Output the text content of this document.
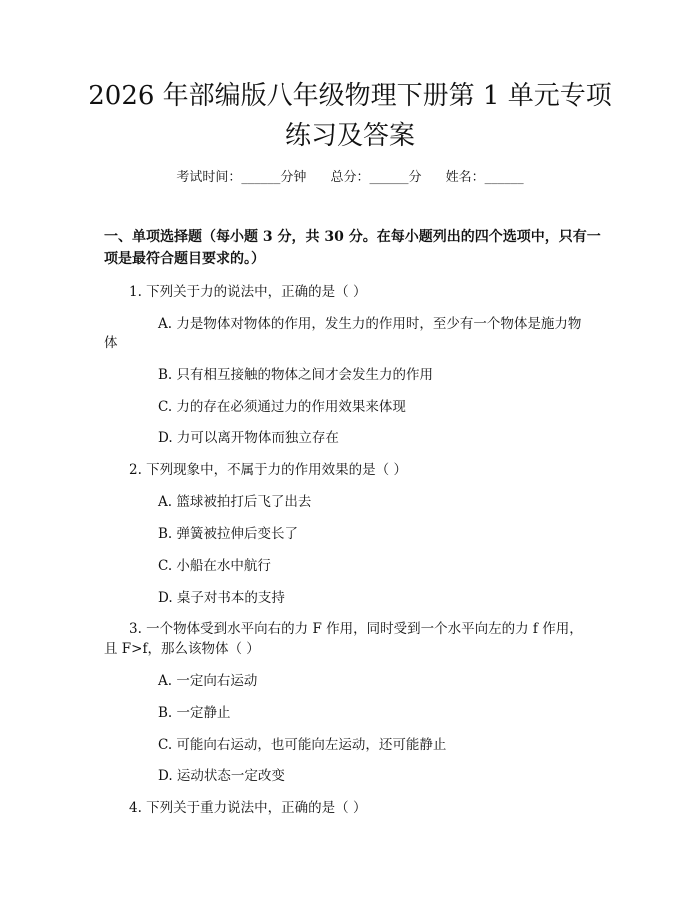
2026 年部编版八年级物理下册第 1 单元专项
练习及答案
考试时间：______分钟 总分：______分 姓名：______
一、单项选择题（每小题 3 分，共 30 分。在每小题列出的四个选项中，只有一项是最符合题目要求的。）
1. 下列关于力的说法中，正确的是（ ）
A. 力是物体对物体的作用，发生力的作用时，至少有一个物体是施力物
体
B. 只有相互接触的物体之间才会发生力的作用
C. 力的存在必须通过力的作用效果来体现
D. 力可以离开物体而独立存在
2. 下列现象中，不属于力的作用效果的是（ ）
A. 篮球被拍打后飞了出去
B. 弹簧被拉伸后变长了
C. 小船在水中航行
D. 桌子对书本的支持
3. 一个物体受到水平向右的力 F 作用，同时受到一个水平向左的力 f 作用，
且 F>f，那么该物体（ ）
A. 一定向右运动
B. 一定静止
C. 可能向右运动，也可能向左运动，还可能静止
D. 运动状态一定改变
4. 下列关于重力说法中，正确的是（ ）
